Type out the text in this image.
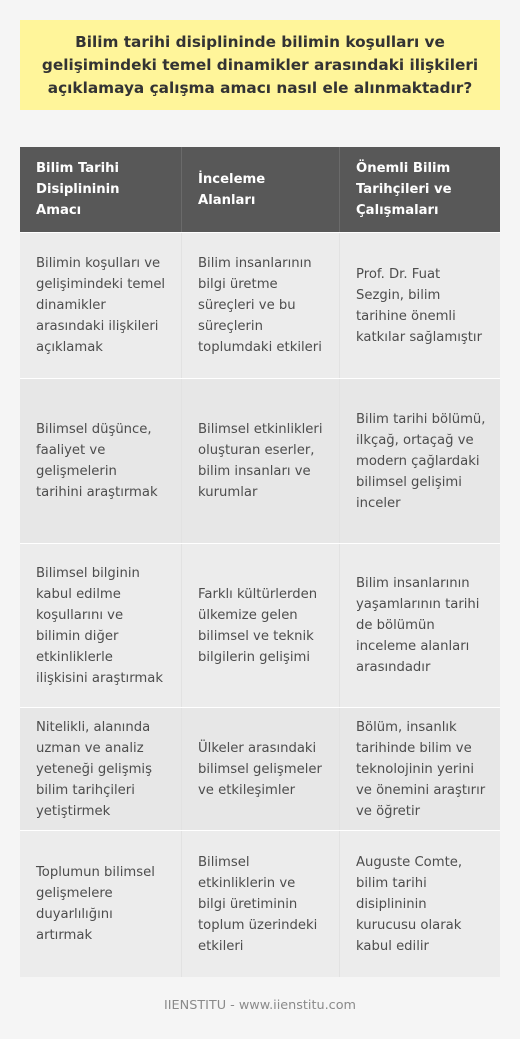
Bilim tarihi disiplininde bilimin koşulları ve gelişimindeki temel dinamikler arasındaki ilişkileri açıklamaya çalışma amacı nasıl ele alınmaktadır?
Bilim Tarihi Disiplininin Amacı
İnceleme Alanları
Önemli Bilim Tarihçileri ve Çalışmaları
Bilimin koşulları ve gelişimindeki temel dinamikler arasındaki ilişkileri açıklamak
Bilim insanlarının bilgi üretme süreçleri ve bu süreçlerin toplumdaki etkileri
Prof. Dr. Fuat Sezgin, bilim tarihine önemli katkılar sağlamıştır
Bilimsel düşünce, faaliyet ve gelişmelerin tarihini araştırmak
Bilimsel etkinlikleri oluşturan eserler, bilim insanları ve kurumlar
Bilim tarihi bölümü, ilkçağ, ortaçağ ve modern çağlardaki bilimsel gelişimi inceler
Bilimsel bilginin kabul edilme koşullarını ve bilimin diğer etkinliklerle ilişkisini araştırmak
Farklı kültürlerden ülkemize gelen bilimsel ve teknik bilgilerin gelişimi
Bilim insanlarının yaşamlarının tarihi de bölümün inceleme alanları arasındadır
Nitelikli, alanında uzman ve analiz yeteneği gelişmiş bilim tarihçileri yetiştirmek
Ülkeler arasındaki bilimsel gelişmeler ve etkileşimler
Bölüm, insanlık tarihinde bilim ve teknolojinin yerini ve önemini araştırır ve öğretir
Toplumun bilimsel gelişmelere duyarlılığını artırmak
Bilimsel etkinliklerin ve bilgi üretiminin toplum üzerindeki etkileri
Auguste Comte, bilim tarihi disiplininin kurucusu olarak kabul edilir
IIENSTITU - www.iienstitu.com
